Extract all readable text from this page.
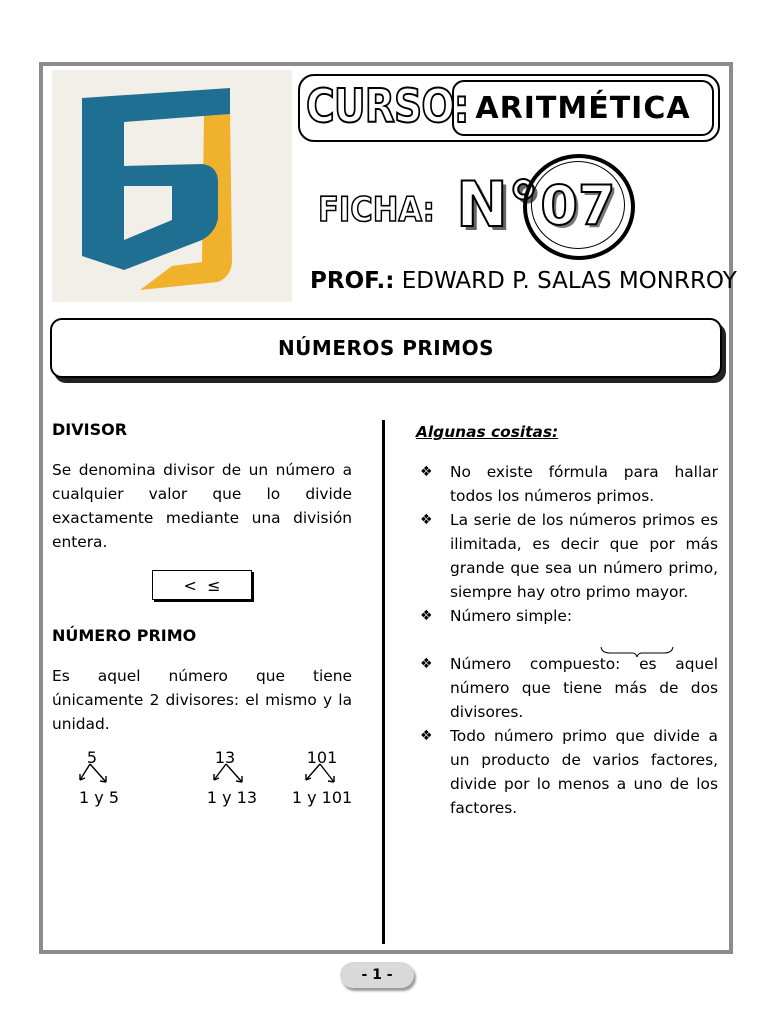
CURSO: ARITMÉTICA
FICHA: N° 07
PROF.: EDWARD P. SALAS MONRROY
NÚMEROS PRIMOS
DIVISOR
Se denomina divisor de un número a cualquier valor que lo divide exactamente mediante una división entera.
NÚMERO PRIMO
Es aquel número que tiene únicamente 2 divisores: el mismo y la unidad.
<  ≤
5
1 y 5
13
1 y 13
101
1 y 101
Algunas cositas:
❖ No existe fórmula para hallar todos los números primos.
❖ La serie de los números primos es ilimitada, es decir que por más grande que sea un número primo, siempre hay otro primo mayor.
❖ Número simple:
❖ Número compuesto: es aquel número que tiene más de dos divisores.
❖ Todo número primo que divide a un producto de varios factores, divide por lo menos a uno de los factores.
- 1 -
